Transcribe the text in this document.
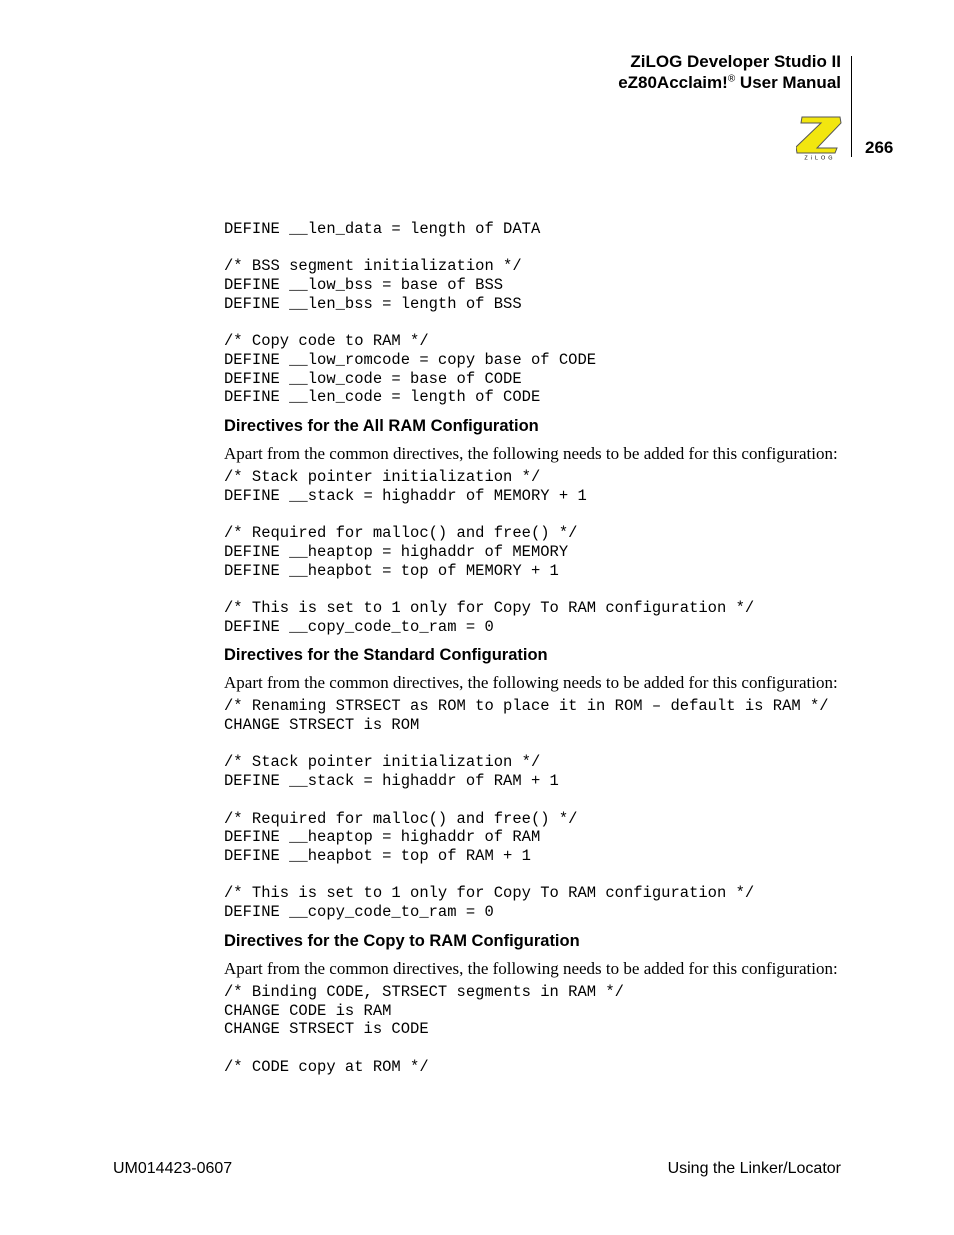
ZiLOG Developer Studio II
eZ80Acclaim!® User Manual
ZiLOG
266
DEFINE __len_data = length of DATA

/* BSS segment initialization */
DEFINE __low_bss = base of BSS
DEFINE __len_bss = length of BSS

/* Copy code to RAM */
DEFINE __low_romcode = copy base of CODE
DEFINE __low_code = base of CODE
DEFINE __len_code = length of CODE
Directives for the All RAM Configuration

Apart from the common directives, the following needs to be added for this configuration:

/* Stack pointer initialization */
DEFINE __stack = highaddr of MEMORY + 1

/* Required for malloc() and free() */
DEFINE __heaptop = highaddr of MEMORY
DEFINE __heapbot = top of MEMORY + 1

/* This is set to 1 only for Copy To RAM configuration */
DEFINE __copy_code_to_ram = 0
Directives for the Standard Configuration

Apart from the common directives, the following needs to be added for this configuration:

/* Renaming STRSECT as ROM to place it in ROM – default is RAM */
CHANGE STRSECT is ROM

/* Stack pointer initialization */
DEFINE __stack = highaddr of RAM + 1

/* Required for malloc() and free() */
DEFINE __heaptop = highaddr of RAM
DEFINE __heapbot = top of RAM + 1

/* This is set to 1 only for Copy To RAM configuration */
DEFINE __copy_code_to_ram = 0
Directives for the Copy to RAM Configuration

Apart from the common directives, the following needs to be added for this configuration:

/* Binding CODE, STRSECT segments in RAM */
CHANGE CODE is RAM
CHANGE STRSECT is CODE

/* CODE copy at ROM */
UM014423-0607	Using the Linker/Locator
